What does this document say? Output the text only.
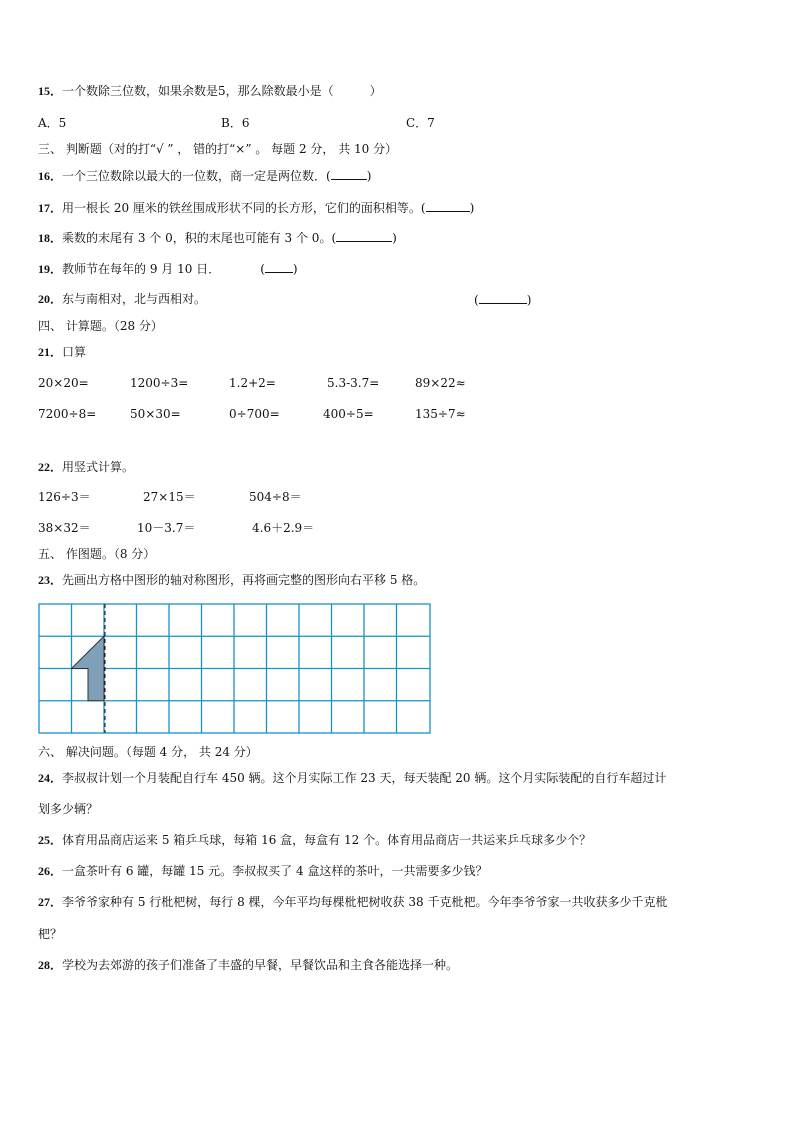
15．一个数除三位数，如果余数是5，那么除数最小是（　　　）
A．5	B．6	C．7
三、 判断题（对的打“√ ” ， 错的打“×” 。 每题 2 分， 共 10 分）
16．一个三位数除以最大的一位数，商一定是两位数．(	)
17．用一根长 20 厘米的铁丝围成形状不同的长方形，它们的面积相等。(	)
18．乘数的末尾有 3 个 0，积的末尾也可能有 3 个 0。(	)
19．教师节在每年的 9 月 10 日．	( )
20．东与南相对，北与西相对。	(	)
四、 计算题。（28 分）
21．口算
20×20=	1200÷3=	1.2+2=	5.3-3.7=	89×22≈
7200÷8=	50×30=	0÷700=	400÷5=	135÷7≈
22．用竖式计算。
126÷3＝	27×15＝	504÷8＝
38×32＝	10－3.7＝	4.6＋2.9＝
五、 作图题。（8 分）
23．先画出方格中图形的轴对称图形，再将画完整的图形向右平移 5 格。
六、 解决问题。（每题 4 分， 共 24 分）
24．李叔叔计划一个月装配自行车 450 辆。这个月实际工作 23 天，每天装配 20 辆。这个月实际装配的自行车超过计
划多少辆？
25．体育用品商店运来 5 箱乒乓球，每箱 16 盒，每盒有 12 个。体育用品商店一共运来乒乓球多少个？
26．一盒茶叶有 6 罐，每罐 15 元。李叔叔买了 4 盒这样的茶叶，一共需要多少钱？
27．李爷爷家种有 5 行枇杷树，每行 8 棵，今年平均每棵枇杷树收获 38 千克枇杷。今年李爷爷家一共收获多少千克枇
杷？
28．学校为去郊游的孩子们准备了丰盛的早餐，早餐饮品和主食各能选择一种。
